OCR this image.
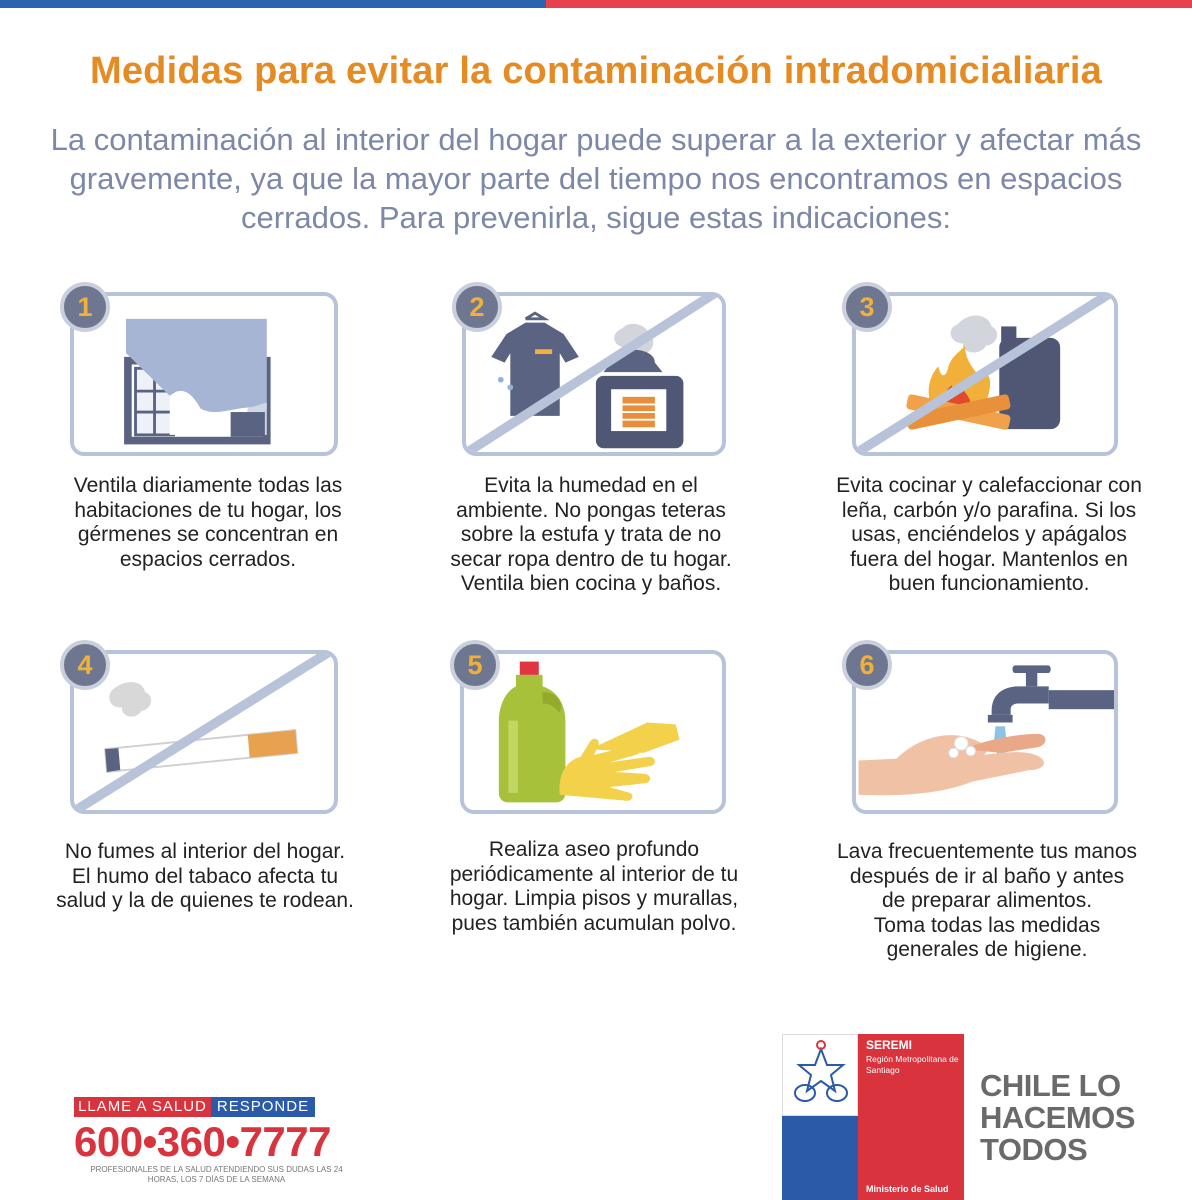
Medidas para evitar la contaminación intradomicialiaria

La contaminación al interior del hogar puede superar a la exterior y afectar más gravemente, ya que la mayor parte del tiempo nos encontramos en espacios cerrados. Para prevenirla, sigue estas indicaciones:

1
Ventila diariamente todas las habitaciones de tu hogar, los gérmenes se concentran en espacios cerrados.
2
Evita la humedad en el ambiente. No pongas teteras sobre la estufa y trata de no secar ropa dentro de tu hogar. Ventila bien cocina y baños.
3
Evita cocinar y calefaccionar con leña, carbón y/o parafina. Si los usas, enciéndelos y apágalos fuera del hogar. Mantenlos en buen funcionamiento.
4
No fumes al interior del hogar.
El humo del tabaco afecta tu salud y la de quienes te rodean.
5
Realiza aseo profundo periódicamente al interior de tu hogar. Limpia pisos y murallas, pues también acumulan polvo.
6
Lava frecuentemente tus manos después de ir al baño y antes de preparar alimentos.
Toma todas las medidas generales de higiene.
LLAME A SALUD RESPONDE
600•360•7777
PROFESIONALES DE LA SALUD ATENDIENDO SUS DUDAS LAS 24 HORAS, LOS 7 DÍAS DE LA SEMANA
SEREMI
Región Metropolitana de Santiago
Ministerio de Salud
CHILE LO
HACEMOS
TODOS
